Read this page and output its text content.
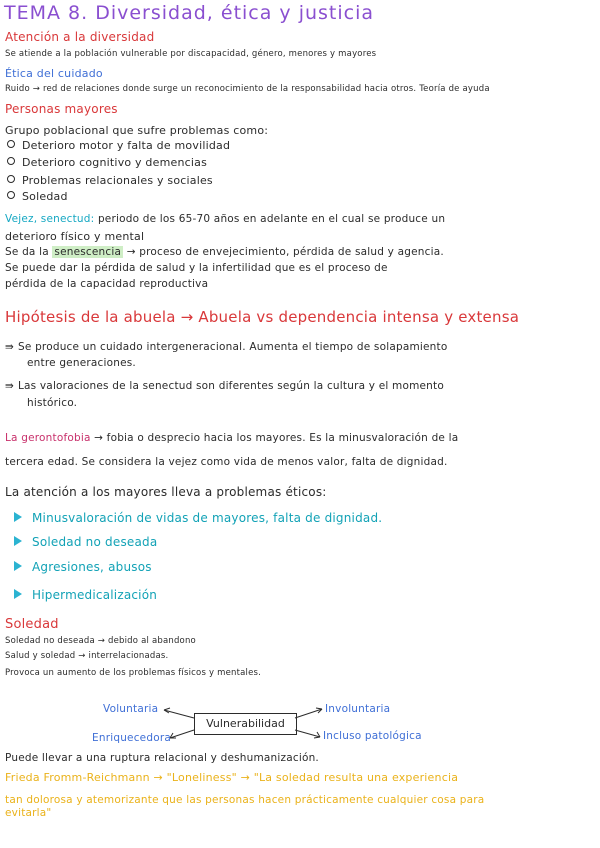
TEMA 8. Diversidad, ética y justicia
Atención a la diversidad
Se atiende a la población vulnerable por discapacidad, género, menores y mayores
Ética del cuidado
Ruido → red de relaciones donde surge un reconocimiento de la responsabilidad hacia otros. Teoría de ayuda
Personas mayores
Grupo poblacional que sufre problemas como:
Deterioro motor y falta de movilidad
Deterioro cognitivo y demencias
Problemas relacionales y sociales
Soledad
Vejez, senectud: periodo de los 65-70 años en adelante en el cual se produce un
deterioro físico y mental
Se da la senescencia → proceso de envejecimiento, pérdida de salud y agencia.
Se puede dar la pérdida de salud y la infertilidad que es el proceso de
pérdida de la capacidad reproductiva
Hipótesis de la abuela → Abuela vs dependencia intensa y extensa
⇛ Se produce un cuidado intergeneracional. Aumenta el tiempo de solapamiento
entre generaciones.
⇛ Las valoraciones de la senectud son diferentes según la cultura y el momento
histórico.
La gerontofobia → fobia o desprecio hacia los mayores. Es la minusvaloración de la
tercera edad. Se considera la vejez como vida de menos valor, falta de dignidad.
La atención a los mayores lleva a problemas éticos:
Minusvaloración de vidas de mayores, falta de dignidad.
Soledad no deseada
Agresiones, abusos
Hipermedicalización
Soledad
Soledad no deseada → debido al abandono
Salud y soledad → interrelacionadas.
Provoca un aumento de los problemas físicos y mentales.
Vulnerabilidad
Voluntaria	Involuntaria
Enriquecedora	Incluso patológica
Puede llevar a una ruptura relacional y deshumanización.
Frieda Fromm-Reichmann → "Loneliness" → "La soledad resulta una experiencia
tan dolorosa y atemorizante que las personas hacen prácticamente cualquier cosa para
evitarla"
